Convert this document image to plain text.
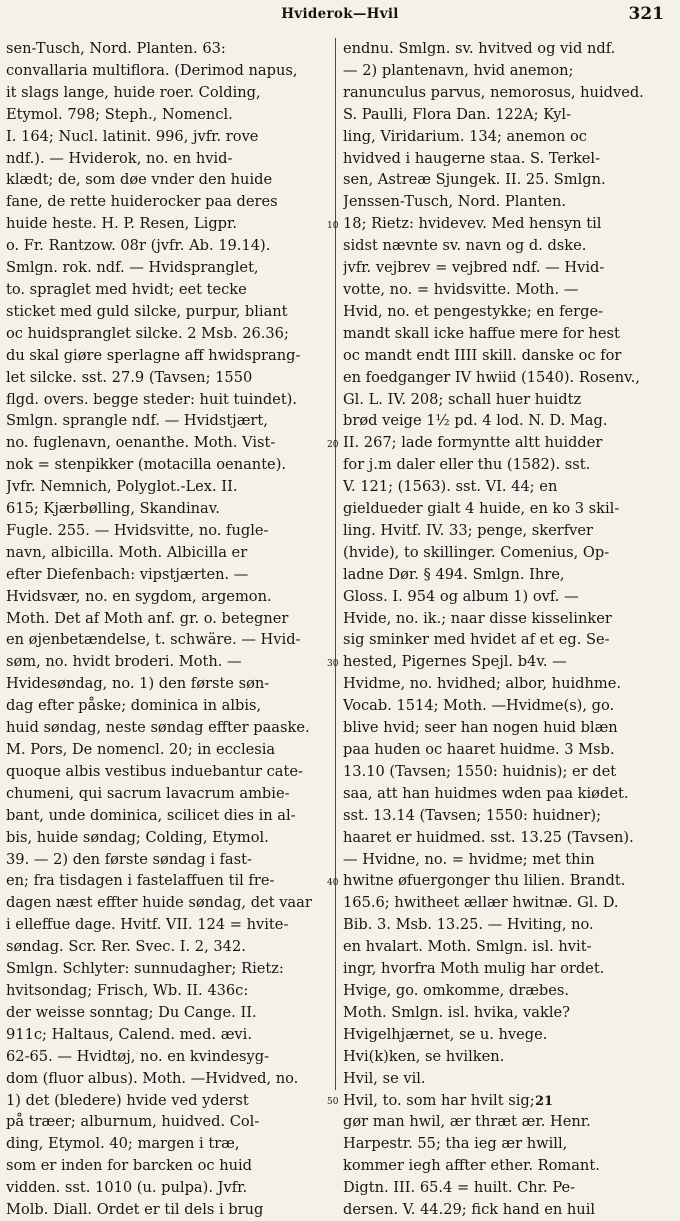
Hviderok—Hvil	321
sen-Tusch, Nord. Planten. 63:
convallaria multiflora. (Derimod napus,
it slags lange, huide roer. Colding,
Etymol. 798; Steph., Nomencl.
I. 164; Nucl. latinit. 996, jvfr. rove
ndf.). — Hviderok, no. en hvid-
klædt; de, som døe vnder den huide
fane, de rette huiderocker paa deres
huide heste. H. P. Resen, Ligpr.
o. Fr. Rantzow. 08r (jvfr. Ab. 19.14).
Smlgn. rok. ndf. — Hvidspranglet,
to. spraglet med hvidt; eet tecke
sticket med guld silcke, purpur, bliant
oc huidspranglet silcke. 2 Msb. 26.36;
du skal giøre sperlagne aff hwidsprang-
let silcke. sst. 27.9 (Tavsen; 1550
flgd. overs. begge steder: huit tuindet).
Smlgn. sprangle ndf. — Hvidstjært,
no. fuglenavn, oenanthe. Moth. Vist-
nok = stenpikker (motacilla oenante).
Jvfr. Nemnich, Polyglot.-Lex. II.
615; Kjærbølling, Skandinav.
Fugle. 255. — Hvidsvitte, no. fugle-
navn, albicilla. Moth. Albicilla er
efter Diefenbach: vipstjærten. —
Hvidsvær, no. en sygdom, argemon.
Moth. Det af Moth anf. gr. o. betegner
en øjenbetændelse, t. schwäre. — Hvid-
søm, no. hvidt broderi. Moth. —
Hvidesøndag, no. 1) den første søn-
dag efter påske; dominica in albis,
huid søndag, neste søndag effter paaske.
M. Pors, De nomencl. 20; in ecclesia
quoque albis vestibus induebantur cate-
chumeni, qui sacrum lavacrum ambie-
bant, unde dominica, scilicet dies in al-
bis, huide søndag; Colding, Etymol.
39. — 2) den første søndag i fast-
en; fra tisdagen i fastelaffuen til fre-
dagen næst effter huide søndag, det vaar
i elleffue dage. Hvitf. VII. 124 = hvite-
søndag. Scr. Rer. Svec. I. 2, 342.
Smlgn. Schlyter: sunnudagher; Rietz:
hvitsondag; Frisch, Wb. II. 436c:
der weisse sonntag; Du Cange. II.
911c; Haltaus, Calend. med. ævi.
62-65. — Hvidtøj, no. en kvindesyg-
dom (fluor albus). Moth. —Hvidved, no.
1) det (bledere) hvide ved yderst
på træer; alburnum, huidved. Col-
ding, Etymol. 40; margen i træ,
som er inden for barcken oc huid
vidden. sst. 1010 (u. pulpa). Jvfr.
Molb. Diall. Ordet er til dels i brug
endnu. Smlgn. sv. hvitved og vid ndf.
— 2) plantenavn, hvid anemon;
ranunculus parvus, nemorosus, huidved.
S. Paulli, Flora Dan. 122A; Kyl-
ling, Viridarium. 134; anemon oc
hvidved i haugerne staa. S. Terkel-
sen, Astreæ Sjungek. II. 25. Smlgn.
Jenssen-Tusch, Nord. Planten.
18; Rietz: hvidevev. Med hensyn til
sidst nævnte sv. navn og d. dske.
jvfr. vejbrev = vejbred ndf. — Hvid-
votte, no. = hvidsvitte. Moth. —
Hvid, no. et pengestykke; en ferge-
mandt skall icke haffue mere for hest
oc mandt endt IIII skill. danske oc for
en foedganger IV hwiid (1540). Rosenv.,
Gl. L. IV. 208; schall huer huidtz
brød veige 1½ pd. 4 lod. N. D. Mag.
II. 267; lade formyntte altt huidder
for j.m daler eller thu (1582). sst.
V. 121; (1563). sst. VI. 44; en
gieldueder gialt 4 huide, en ko 3 skil-
ling. Hvitf. IV. 33; penge, skerfver
(hvide), to skillinger. Comenius, Op-
ladne Dør. § 494. Smlgn. Ihre,
Gloss. I. 954 og album 1) ovf. —
Hvide, no. ik.; naar disse kisselinker
sig sminker med hvidet af et eg. Se-
hested, Pigernes Spejl. b4v. —
Hvidme, no. hvidhed; albor, huidhme.
Vocab. 1514; Moth. —Hvidme(s), go.
blive hvid; seer han nogen huid blæn
paa huden oc haaret huidme. 3 Msb.
13.10 (Tavsen; 1550: huidnis); er det
saa, att han huidmes wden paa kiødet.
sst. 13.14 (Tavsen; 1550: huidner);
haaret er huidmed. sst. 13.25 (Tavsen).
— Hvidne, no. = hvidme; met thin
hwitne øfuergonger thu lilien. Brandt.
165.6; hwitheet ællær hwitnæ. Gl. D.
Bib. 3. Msb. 13.25. — Hviting, no.
en hvalart. Moth. Smlgn. isl. hvit-
ingr, hvorfra Moth mulig har ordet.
Hvige, go. omkomme, dræbes.
Moth. Smlgn. isl. hvika, vakle?
Hvigelhjærnet, se u. hvege.
Hvi(k)ken, se hvilken.
Hvil, se vil.
Hvil, to. som har hvilt sig;
gør man hwil, ær thræt ær. Henr.
Harpestr. 55; tha ieg ær hwill,
kommer iegh affter ether. Romant.
Digtn. III. 65.4 = huilt. Chr. Pe-
dersen. V. 44.29; fick hand en huil
10
20
30
40
50	21
